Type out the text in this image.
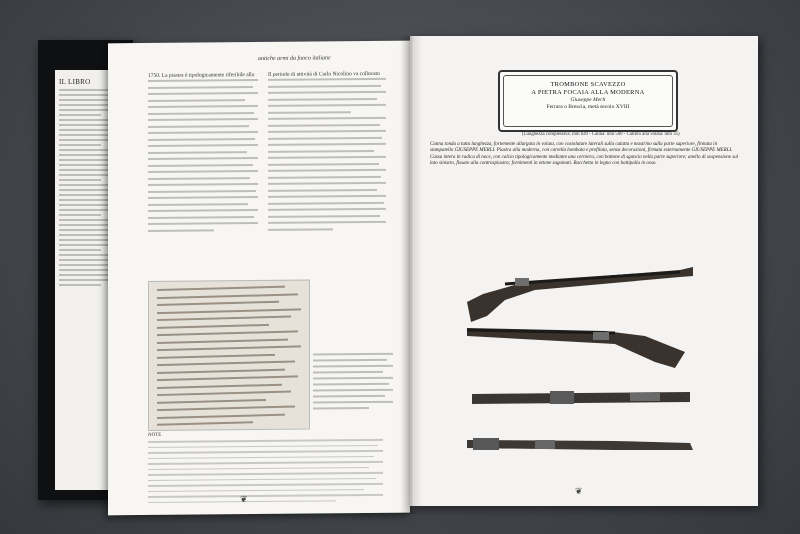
IL LIBRO
antiche armi da fuoco italiane
1750. La piastra è tipologicamente riferibile alla	Il periodo di attività di Carlo Nicolino va collocato
NOTE
❦
TROMBONE SCAVEZZO
A PIETRA FOCAIA ALLA MODERNA
Giuseppe Merli
Ferrara o Brescia, metà secolo XVIII
(Lunghezza complessiva: mm 820 - Canna: mm 500 - Calibro alla volata: mm 35)
Canna tonda a tutta lunghezza, fortemente allargata in volata, con costolature laterali sulla culatta e mastrino sulla parte superiore, firmata in stampatello GIUSEPPE MERLI. Piastra alla moderna, con cartella bombata e profilata, senza decorazioni, firmata esternamente GIUSEPPE MERLI. Cassa intera in radica di noce, con calcio tipologicamente mediante una cerniera, con bottone di sgancio nella parte superiore; anello di sospensione sul lato sinistro, fissato alla controspiastra; fornimenti in ottone sagomati. Bacchetta in legno con battipalla in osso.
❦
